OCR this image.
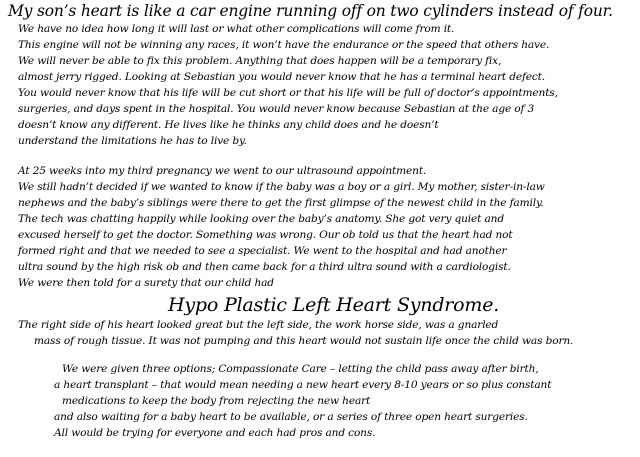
My son’s heart is like a car engine running off on two cylinders instead of four.
We have no idea how long it will last or what other complications will come from it.
This engine will not be winning any races, it won’t have the endurance or the speed that others have.
We will never be able to fix this problem. Anything that does happen will be a temporary fix,
almost jerry rigged. Looking at Sebastian you would never know that he has a terminal heart defect.
You would never know that his life will be cut short or that his life will be full of doctor’s appointments,
surgeries, and days spent in the hospital. You would never know because Sebastian at the age of 3
doesn’t know any different. He lives like he thinks any child does and he doesn’t
understand the limitations he has to live by.
At 25 weeks into my third pregnancy we went to our ultrasound appointment.
We still hadn’t decided if we wanted to know if the baby was a boy or a girl. My mother, sister-in-law
nephews and the baby’s siblings were there to get the first glimpse of the newest child in the family.
The tech was chatting happily while looking over the baby’s anatomy. She got very quiet and
excused herself to get the doctor. Something was wrong. Our ob told us that the heart had not
formed right and that we needed to see a specialist. We went to the hospital and had another
ultra sound by the high risk ob and then came back for a third ultra sound with a cardiologist.
We were then told for a surety that our child had
Hypo Plastic Left Heart Syndrome.
The right side of his heart looked great but the left side, the work horse side, was a gnarled
mass of rough tissue. It was not pumping and this heart would not sustain life once the child was born.
We were given three options; Compassionate Care – letting the child pass away after birth,
a heart transplant – that would mean needing a new heart every 8-10 years or so plus constant
medications to keep the body from rejecting the new heart
and also waiting for a baby heart to be available, or a series of three open heart surgeries.
All would be trying for everyone and each had pros and cons.
